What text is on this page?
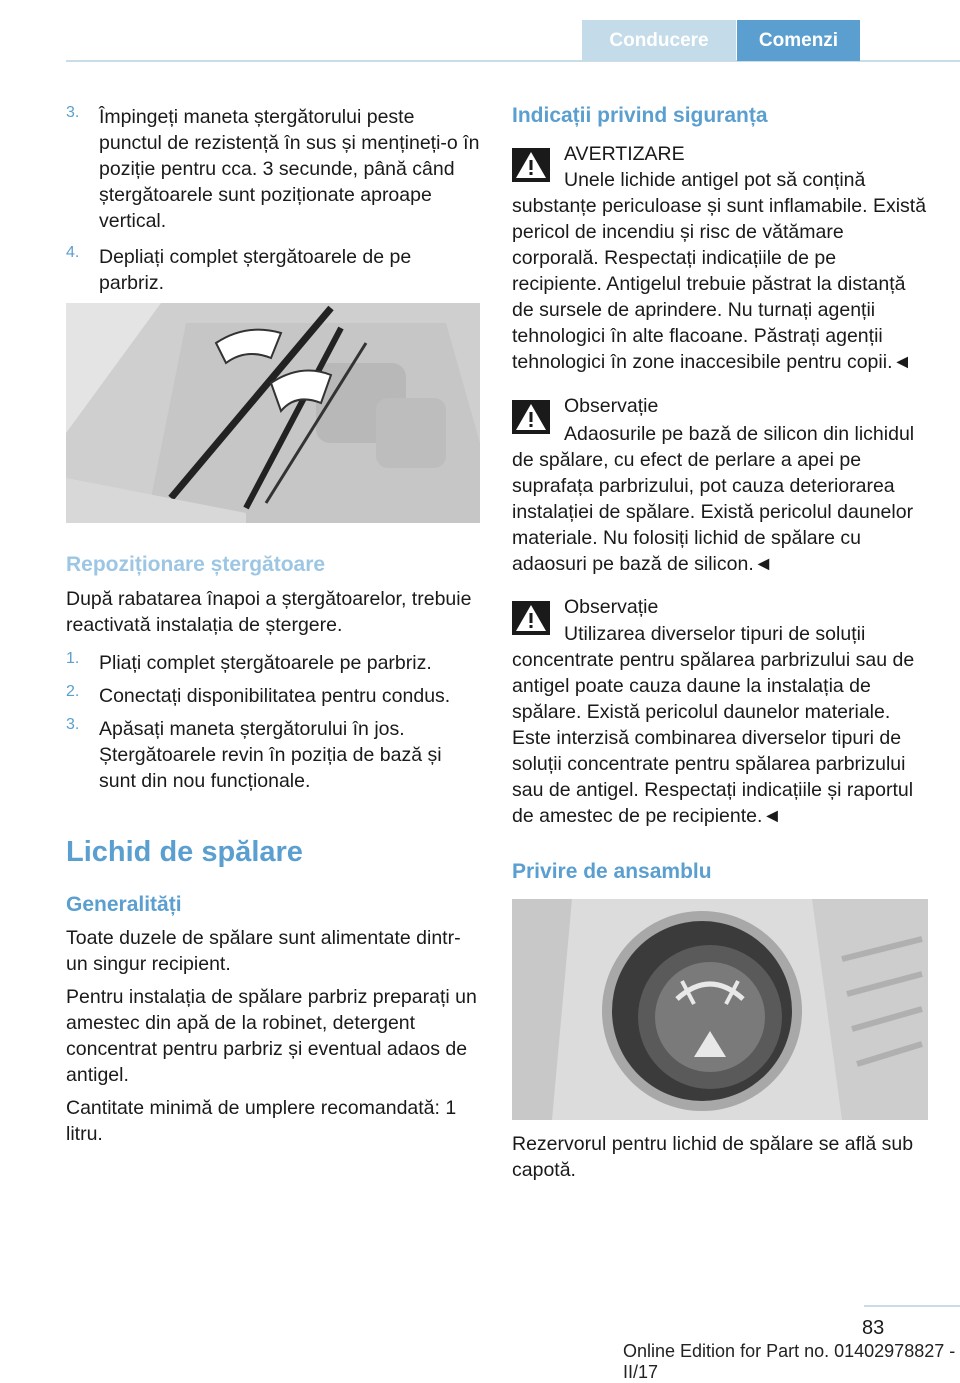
Conducere	Comenzi
3. Împingeți maneta ștergătorului peste punctul de rezistență în sus și mențineți-o în poziție pentru cca. 3 secunde, până când ștergătoarele sunt poziționate aproape vertical.

4. Depliați complet ștergătoarele de pe parbriz.

Repoziționare ștergătoare

După rabatarea înapoi a ștergătoarelor, trebuie reactivată instalația de ștergere.

1. Pliați complet ștergătoarele pe parbriz.

2. Conectați disponibilitatea pentru condus.

3. Apăsați maneta ștergătorului în jos. Ștergătoarele revin în poziția de bază și sunt din nou funcționale.

Lichid de spălare
Generalități

Toate duzele de spălare sunt alimentate dintr-un singur recipient.

Pentru instalația de spălare parbriz preparați un amestec din apă de la robinet, detergent concentrat pentru parbriz și eventual adaos de antigel.

Cantitate minimă de umplere recomandată: 1 litru.

Indicații privind siguranța

AVERTIZARE

Unele lichide antigel pot să conțină substanțe periculoase și sunt inflamabile. Există pericol de incendiu și risc de vătămare corporală. Respectați indicațiile de pe recipiente. Antigelul trebuie păstrat la distanță de sursele de aprindere. Nu turnați agenții tehnologici în alte flacoane. Păstrați agenții tehnologici în zone inaccesibile pentru copii.◄

Observație

Adaosurile pe bază de silicon din lichidul de spălare, cu efect de perlare a apei pe suprafața parbrizului, pot cauza deteriorarea instalației de spălare. Există pericolul daunelor materiale. Nu folosiți lichid de spălare cu adaosuri pe bază de silicon.◄

Observație

Utilizarea diverselor tipuri de soluții concentrate pentru spălarea parbrizului sau de antigel poate cauza daune la instalația de spălare. Există pericolul daunelor materiale. Este interzisă combinarea diverselor tipuri de soluții concentrate pentru spălarea parbrizului sau de antigel. Respectați indicațiile și raportul de amestec de pe recipiente.◄

Privire de ansamblu

Rezervorul pentru lichid de spălare se află sub capotă.

83
Online Edition for Part no. 01402978827 - II/17
